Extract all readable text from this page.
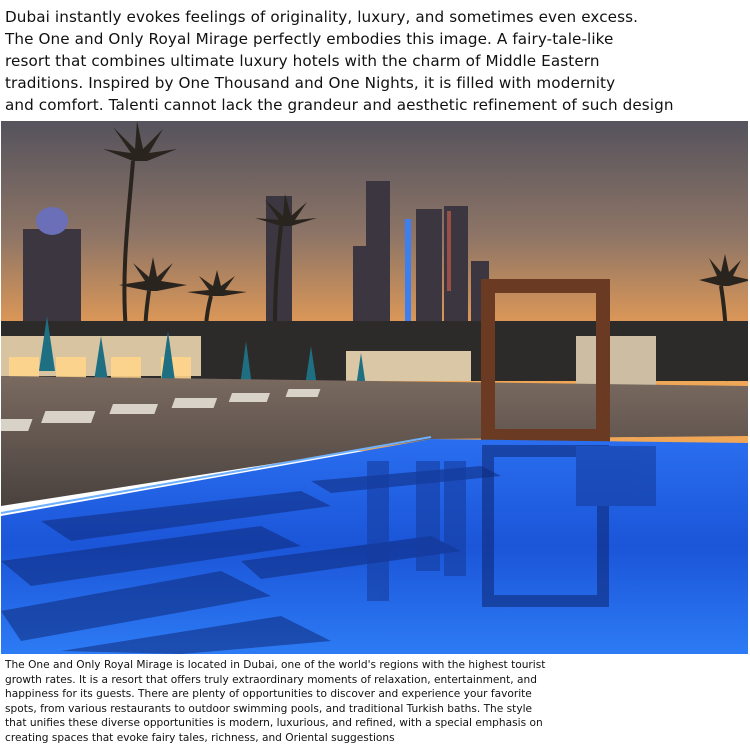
Dubai instantly evokes feelings of originality, luxury, and sometimes even excess.

The One and Only Royal Mirage perfectly embodies this image. A fairy-tale-like

resort that combines ultimate luxury hotels with the charm of Middle Eastern

traditions. Inspired by One Thousand and One Nights, it is filled with modernity

and comfort. Talenti cannot lack the grandeur and aesthetic refinement of such design

The One and Only Royal Mirage is located in Dubai, one of the world's regions with the highest tourist

growth rates. It is a resort that offers truly extraordinary moments of relaxation, entertainment, and

happiness for its guests. There are plenty of opportunities to discover and experience your favorite

spots, from various restaurants to outdoor swimming pools, and traditional Turkish baths. The style

that unifies these diverse opportunities is modern, luxurious, and refined, with a special emphasis on

creating spaces that evoke fairy tales, richness, and Oriental suggestions
